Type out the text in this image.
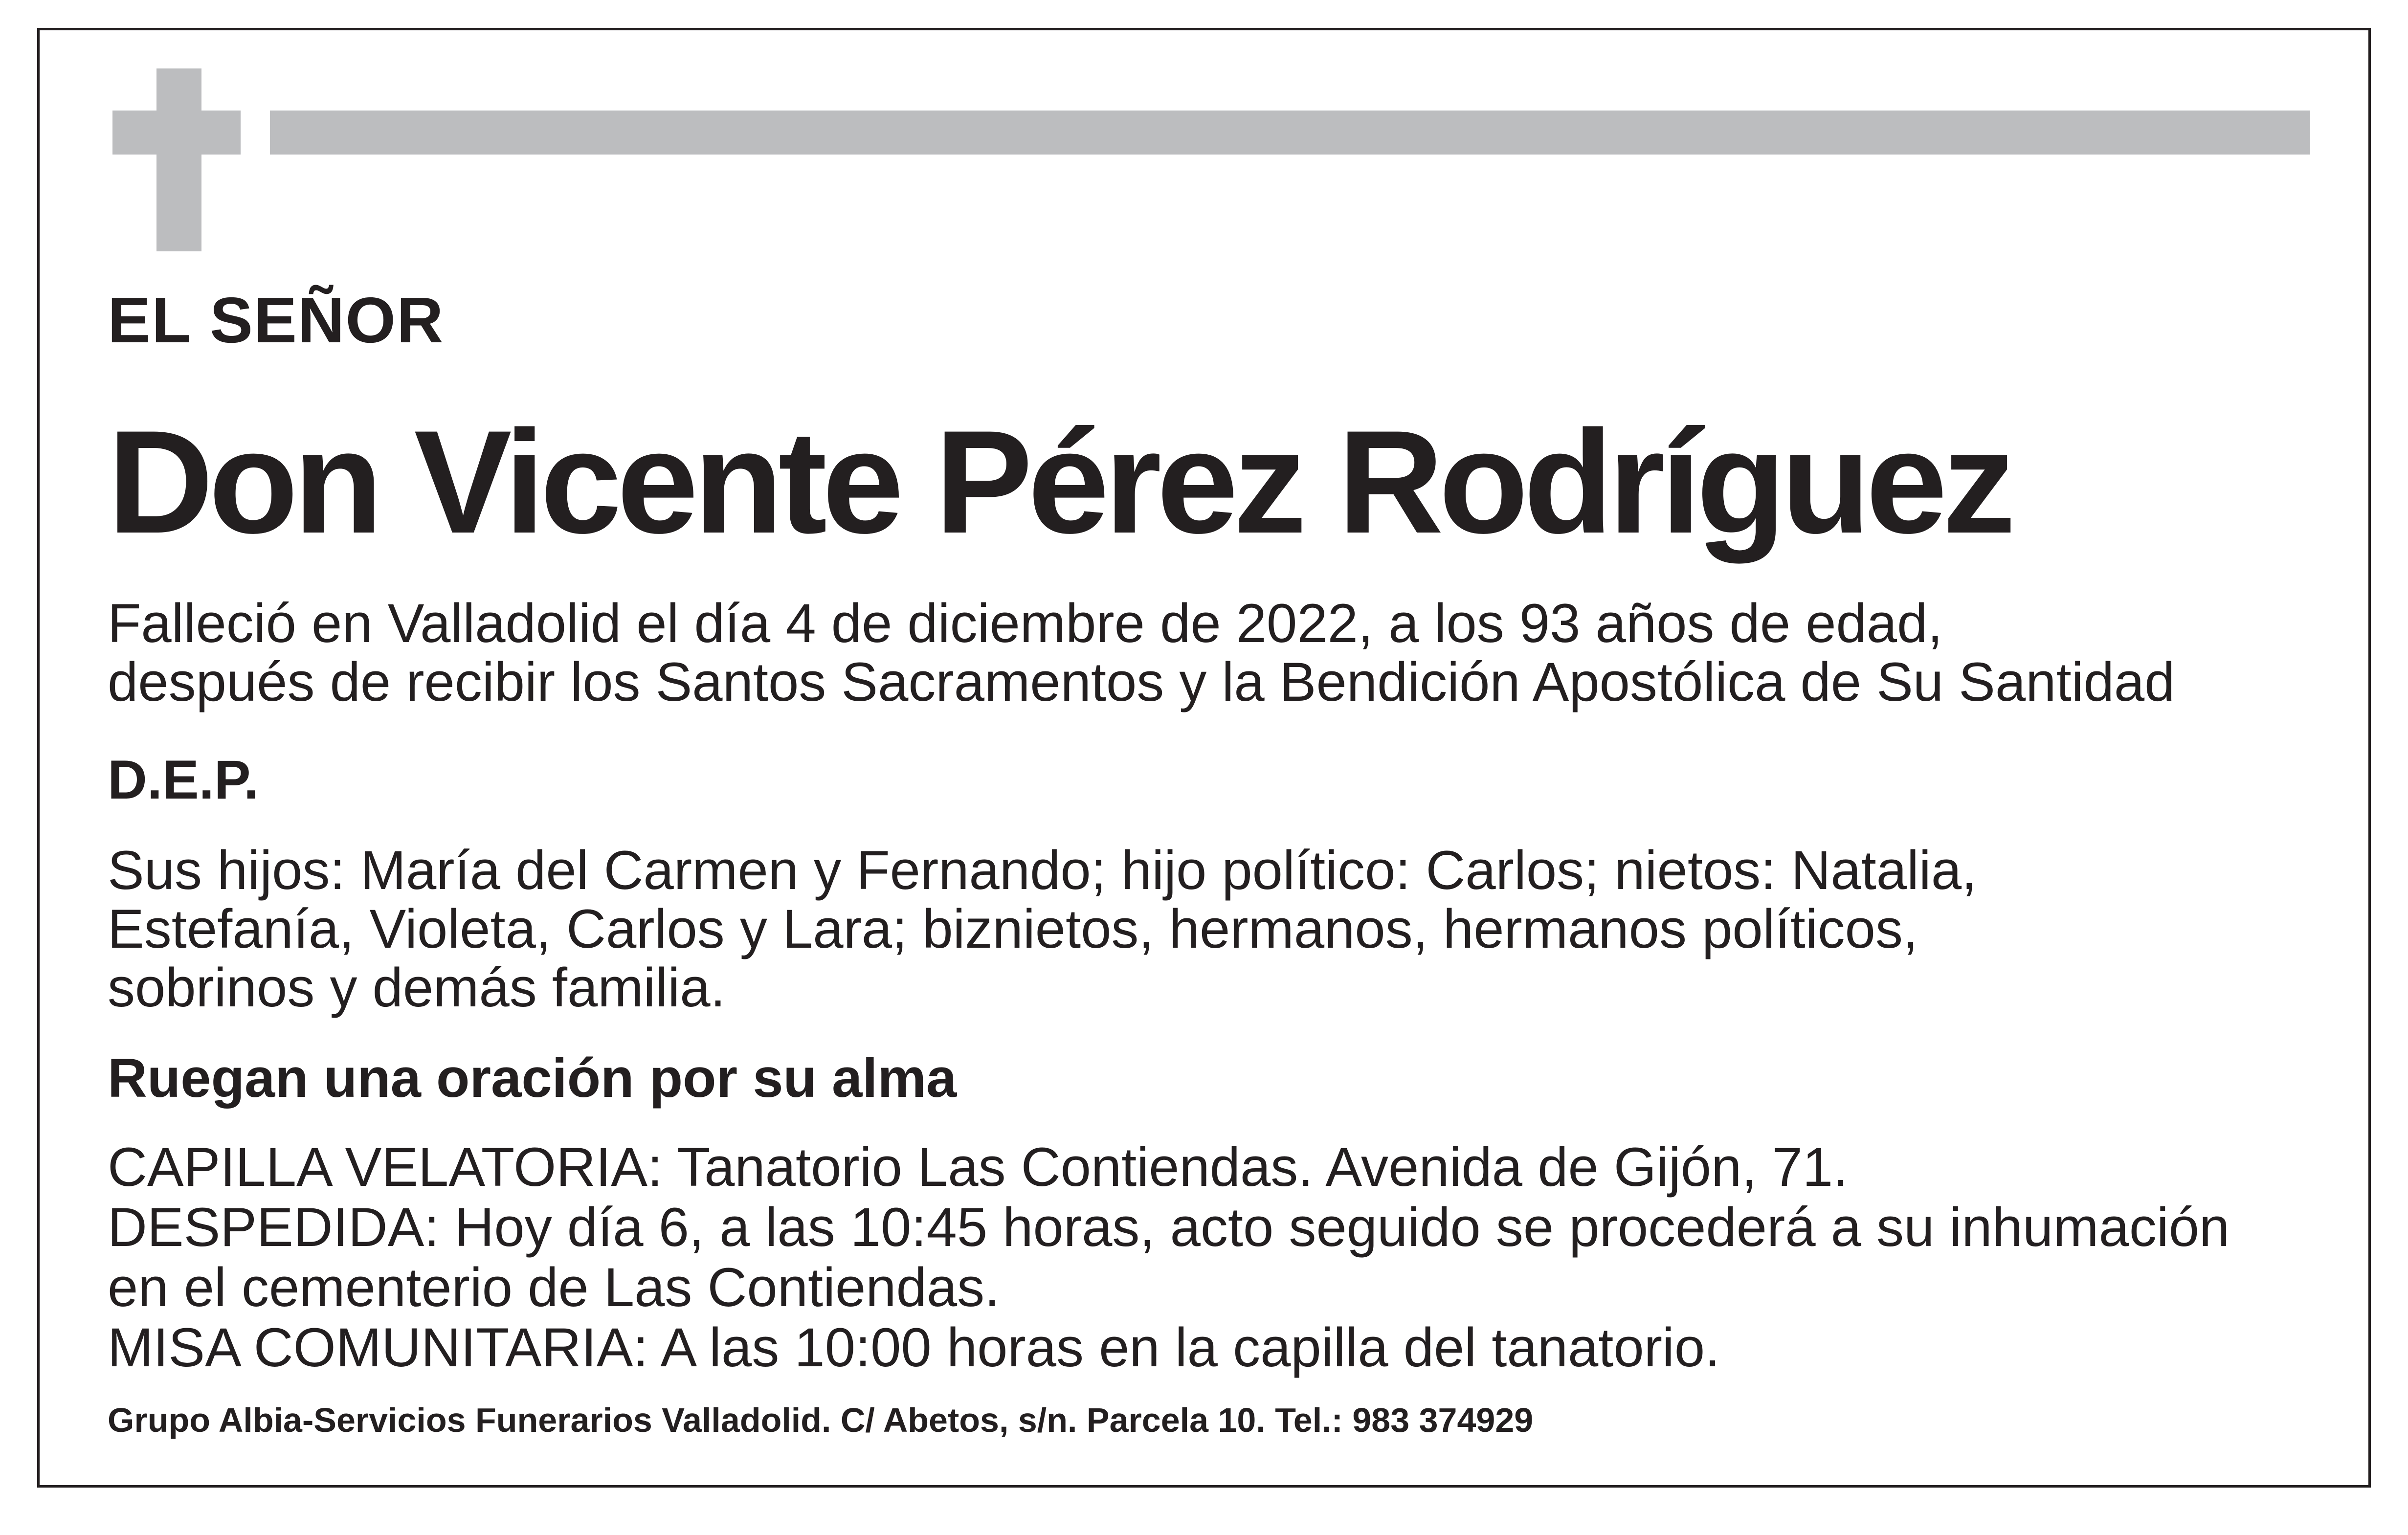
EL SEÑOR
Don Vicente Pérez Rodríguez
Falleció en Valladolid el día 4 de diciembre de 2022, a los 93 años de edad,
después de recibir los Santos Sacramentos y la Bendición Apostólica de Su Santidad
D.E.P.
Sus hijos: María del Carmen y Fernando; hijo político: Carlos; nietos: Natalia,
Estefanía, Violeta, Carlos y Lara; biznietos, hermanos, hermanos políticos,
sobrinos y demás familia.
Ruegan una oración por su alma
CAPILLA VELATORIA: Tanatorio Las Contiendas. Avenida de Gijón, 71.
DESPEDIDA: Hoy día 6, a las 10:45 horas, acto seguido se procederá a su inhumación
en el cementerio de Las Contiendas.
MISA COMUNITARIA: A las 10:00 horas en la capilla del tanatorio.
Grupo Albia-Servicios Funerarios Valladolid. C/ Abetos, s/n. Parcela 10. Tel.: 983 374929
